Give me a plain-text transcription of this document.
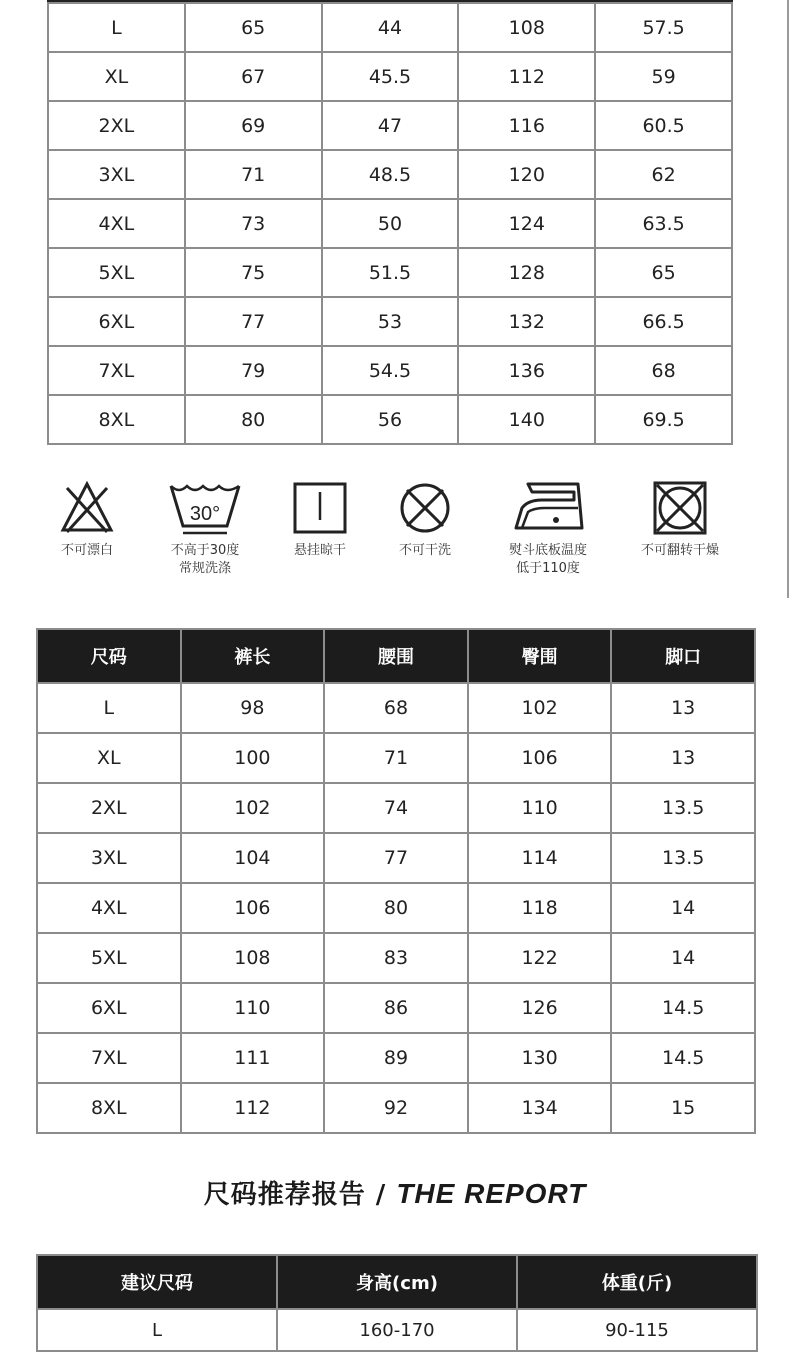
L	65	44	108	57.5
XL	67	45.5	112	59
2XL	69	47	116	60.5
3XL	71	48.5	120	62
4XL	73	50	124	63.5
5XL	75	51.5	128	65
6XL	77	53	132	66.5
7XL	79	54.5	136	68
8XL	80	56	140	69.5
不可漂白
30°
不高于30度
常规洗涤
悬挂晾干	不可干洗	熨斗底板温度
低于110度
不可翻转干燥
尺码	裤长	腰围	臀围	脚口
L	98	68	102	13
XL	100	71	106	13
2XL	102	74	110	13.5
3XL	104	77	114	13.5
4XL	106	80	118	14
5XL	108	83	122	14
6XL	110	86	126	14.5
7XL	111	89	130	14.5
8XL	112	92	134	15
尺码推荐报告 / THE REPORT
建议尺码	身高(cm)	体重(斤)
L	160-170	90-115
